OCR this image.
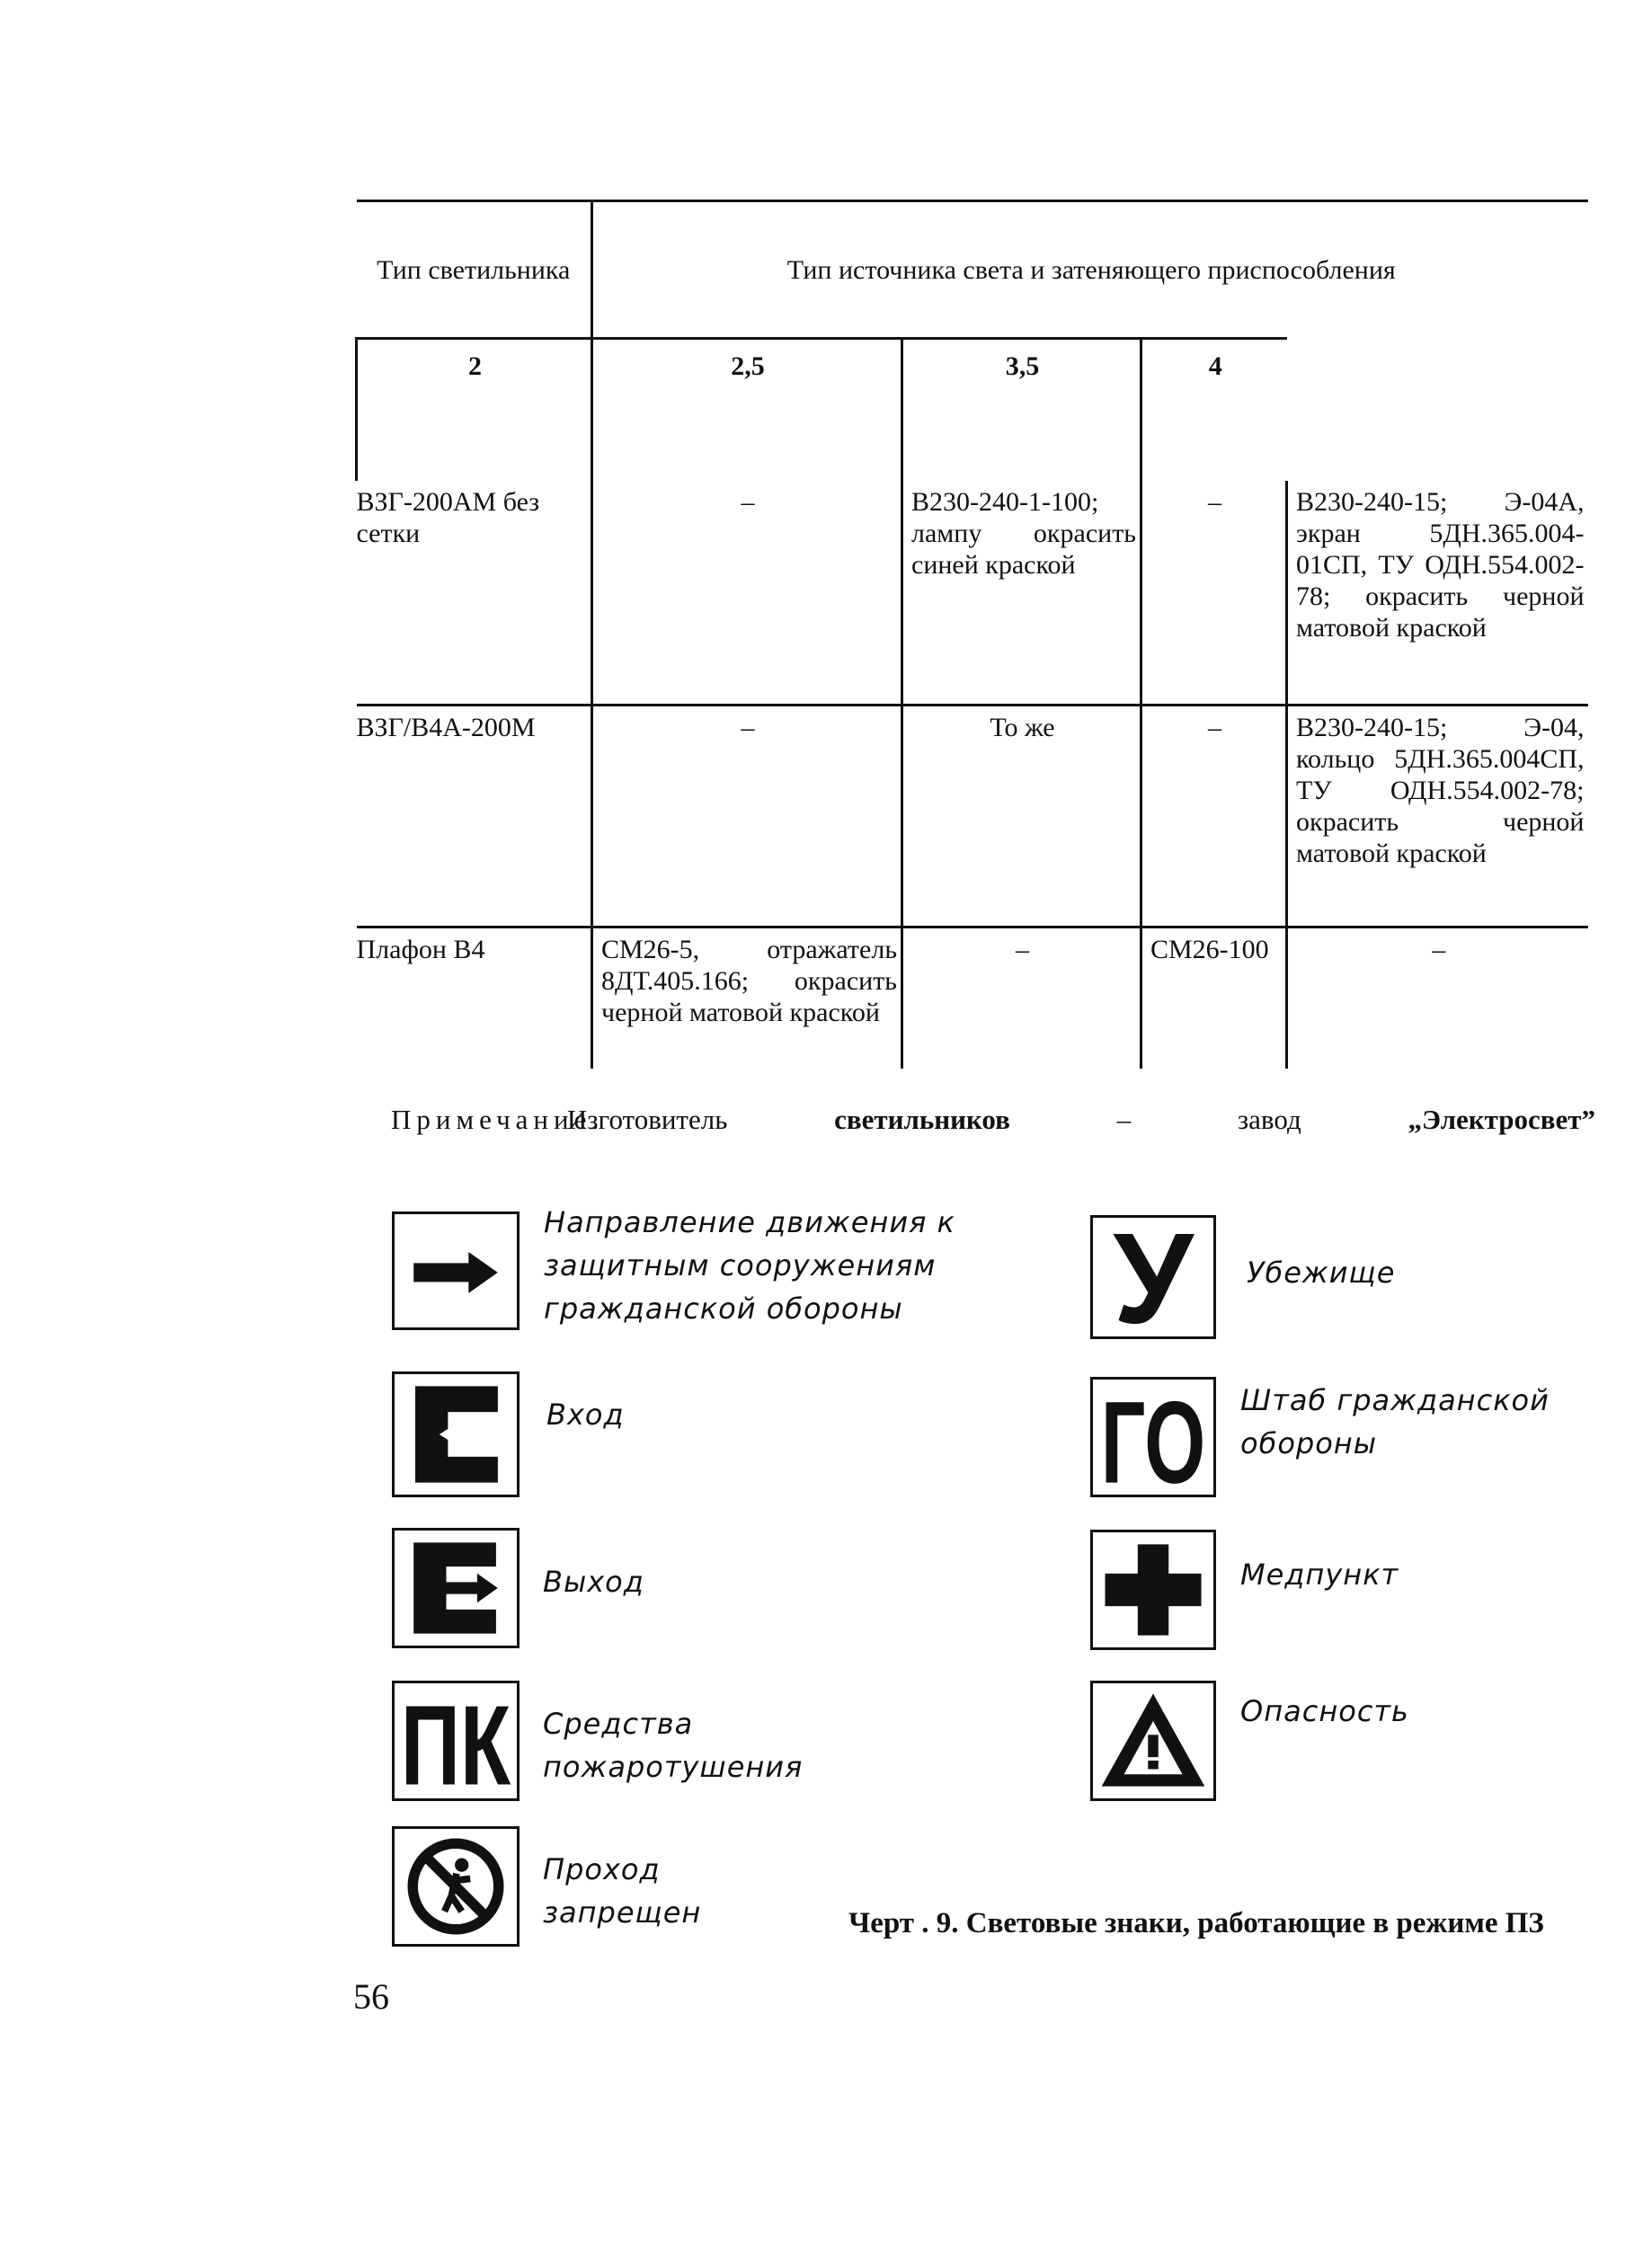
Тип светильника	Тип источника света и затеняющего приспособления			

2	2,5	3,5	4	
ВЗГ-200АМ без сетки	–	В230-240-1-100; лампу окрасить синей краской	–	В230-240-15; Э-04А, экран 5ДН.365.004-01СП, ТУ ОДН.554.002-78; окрасить черной матовой краской
ВЗГ/В4А-200М	–	То же	–	В230-240-15; Э-04, кольцо 5ДН.365.004СП, ТУ ОДН.554.002-78; окрасить черной матовой краской
Плафон В4	СМ26-5, отражатель 8ДТ.405.166; окрасить черной матовой краской	–	СМ26-100	–
Примечание.
Изготовитель	светильников	–	завод	„Электросвет”
Направление движения к защитным сооружениям гражданской обороны
Вход
Выход
ПК Средства пожаротушения
Проход запрещен
У Убежище
ГО Штаб гражданской обороны
Медпункт
Опасность
Черт . 9. Световые знаки, работающие в режиме ПЗ
56
